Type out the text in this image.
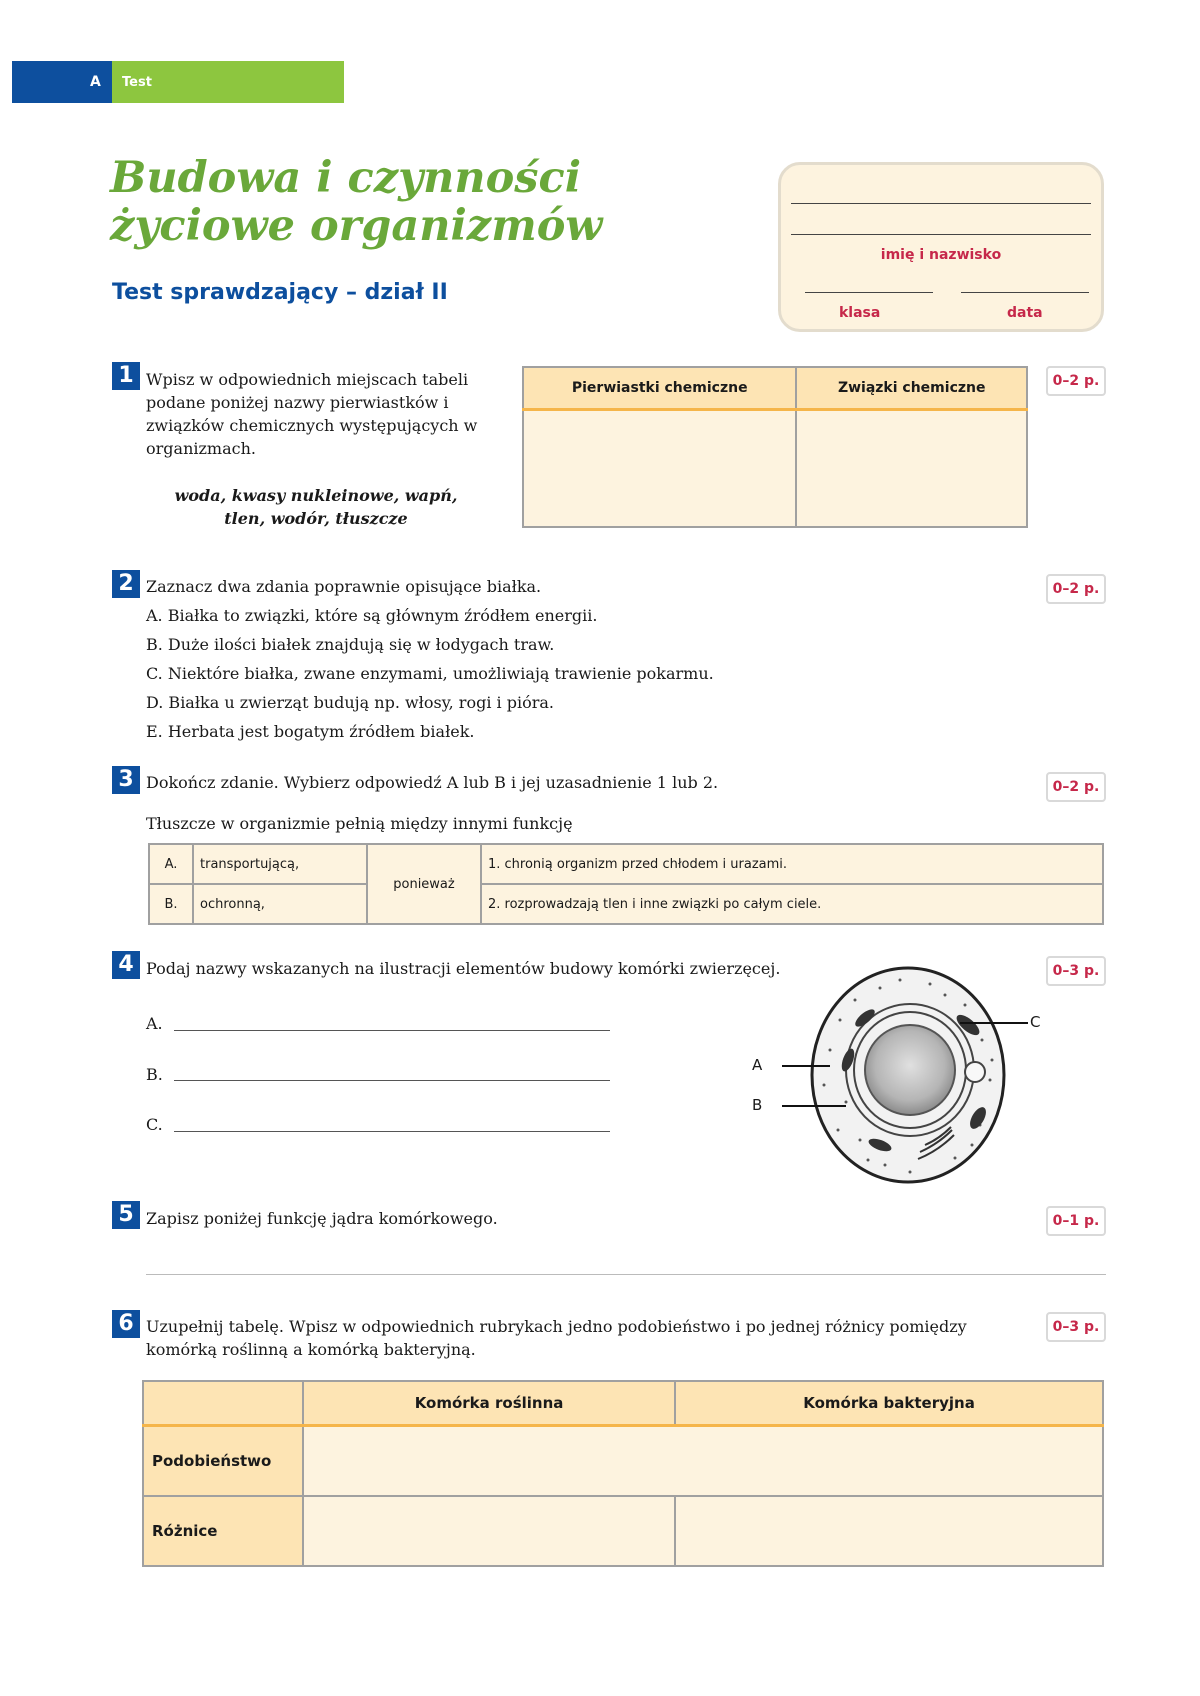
A Test
Budowa i czynności
życiowe organizmów
Test sprawdzający – dział II
imię i nazwisko
klasa	data
1 Wpisz w odpowiednich miejscach tabeli podane poniżej nazwy pierwiastków i związków chemicznych występujących w organizmach.
woda, kwasy nukleinowe, wapń,
tlen, wodór, tłuszcze
Pierwiastki chemiczne	Związki chemiczne
		0–2 p.
2 Zaznacz dwa zdania poprawnie opisujące białka.	0–2 p.
A. Białka to związki, które są głównym źródłem energii.
B. Duże ilości białek znajdują się w łodygach traw.
C. Niektóre białka, zwane enzymami, umożliwiają trawienie pokarmu.
D. Białka u zwierząt budują np. włosy, rogi i pióra.
E. Herbata jest bogatym źródłem białek.
3 Dokończ zdanie. Wybierz odpowiedź A lub B i jej uzasadnienie 1 lub 2.	0–2 p.
Tłuszcze w organizmie pełnią między innymi funkcję
A.	transportującą,	ponieważ	1. chronią organizm przed chłodem i urazami.
B.	ochronną,		2. rozprowadzają tlen i inne związki po całym ciele.
4 Podaj nazwy wskazanych na ilustracji elementów budowy komórki zwierzęcej.	0–3 p.
A.
B.
C.
C
A
B
5 Zapisz poniżej funkcję jądra komórkowego.	0–1 p.
6 Uzupełnij tabelę. Wpisz w odpowiednich rubrykach jedno podobieństwo i po jednej różnicy pomiędzy komórką roślinną a komórką bakteryjną.
0–3 p.
	Komórka roślinna	Komórka bakteryjna
Podobieństwo		
Różnice		
